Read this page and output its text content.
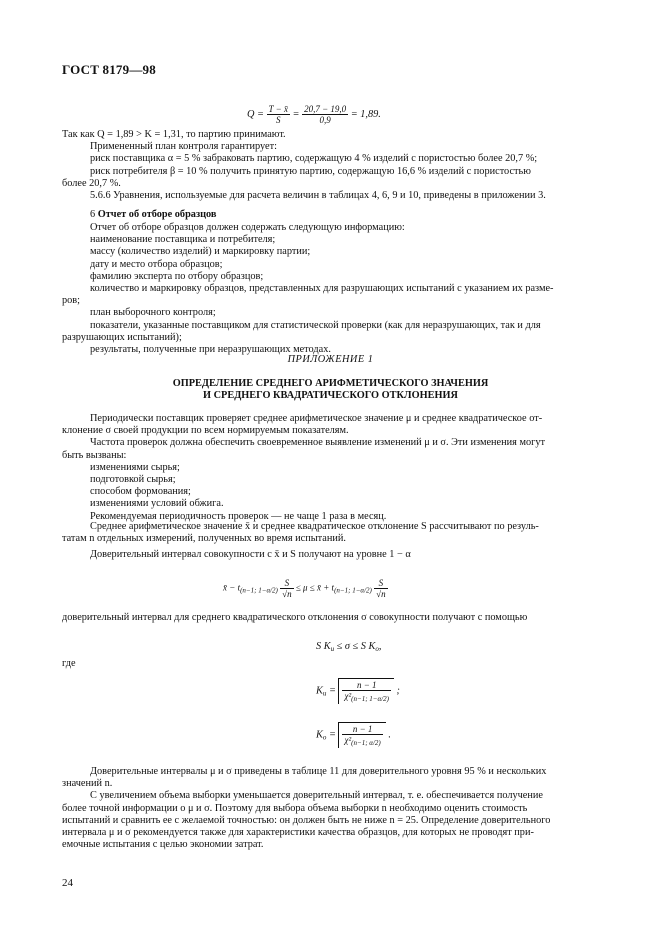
ГОСТ 8179—98
$Q = \frac{T - x̄}{S} = \frac{20,7 - 19,0}{0,9} = 1,89$.
Так как Q = 1,89 > K = 1,31, то партию принимают.
Примененный план контроля гарантирует:
риск поставщика α = 5 % забраковать партию, содержащую 4 % изделий с пористостью более 20,7 %;
риск потребителя β = 10 % получить принятую партию, содержащую 16,6 % изделий с пористостью
более 20,7 %.
5.6.6 Уравнения, используемые для расчета величин в таблицах 4, 6, 9 и 10, приведены в приложении 3.
6 Отчет об отборе образцов
Отчет об отборе образцов должен содержать следующую информацию:
наименование поставщика и потребителя;
массу (количество изделий) и маркировку партии;
дату и место отбора образцов;
фамилию эксперта по отбору образцов;
количество и маркировку образцов, представленных для разрушающих испытаний с указанием их разме-
ров;
план выборочного контроля;
показатели, указанные поставщиком для статистической проверки (как для неразрушающих, так и для
разрушающих испытаний);
результаты, полученные при неразрушающих методах.
ПРИЛОЖЕНИЕ 1
ОПРЕДЕЛЕНИЕ СРЕДНЕГО АРИФМЕТИЧЕСКОГО ЗНАЧЕНИЯ
И СРЕДНЕГО КВАДРАТИЧЕСКОГО ОТКЛОНЕНИЯ
Периодически поставщик проверяет среднее арифметическое значение μ и среднее квадратическое от-
клонение σ своей продукции по всем нормируемым показателям.
Частота проверок должна обеспечить своевременное выявление изменений μ и σ. Эти изменения могут
быть вызваны:
изменениями сырья;
подготовкой сырья;
способом формования;
изменениями условий обжига.
Рекомендуемая периодичность проверок — не чаще 1 раза в месяц.
Среднее арифметическое значение x̄ и среднее квадратическое отклонение S рассчитывают по резуль-
татам n отдельных измерений, полученных во время испытаний.
Доверительный интервал совокупности с x̄ и S получают на уровне 1 − α
x̄ − $t_{(n-1; 1-\alpha/2)} \frac{S}{√n} \le \mu$ ≤ x̄ + $t_{(n-1; 1-\alpha/2)} \frac{S}{√n}$
доверительный интервал для среднего квадратического отклонения σ совокупности получают с помощью
S $K_u \le \sigma \le S$ $K_o$,
где
$K_u = \frac{n - 1}{\chi^2_{(n-1; 1-\alpha/2)}}$ ;
$K_o = \frac{n - 1}{\chi^2_{(n-1; \alpha/2)}}$ .
Доверительные интервалы μ и σ приведены в таблице 11 для доверительного уровня 95 % и нескольких
значений n.
С увеличением объема выборки уменьшается доверительный интервал, т. е. обеспечивается получение
более точной информации о μ и σ. Поэтому для выбора объема выборки n необходимо оценить стоимость
испытаний и сравнить ее с желаемой точностью: он должен быть не ниже n = 25. Определение доверительного
интервала μ и σ рекомендуется также для характеристики качества образцов, для которых не проводят при-
емочные испытания с целью экономии затрат.
24
